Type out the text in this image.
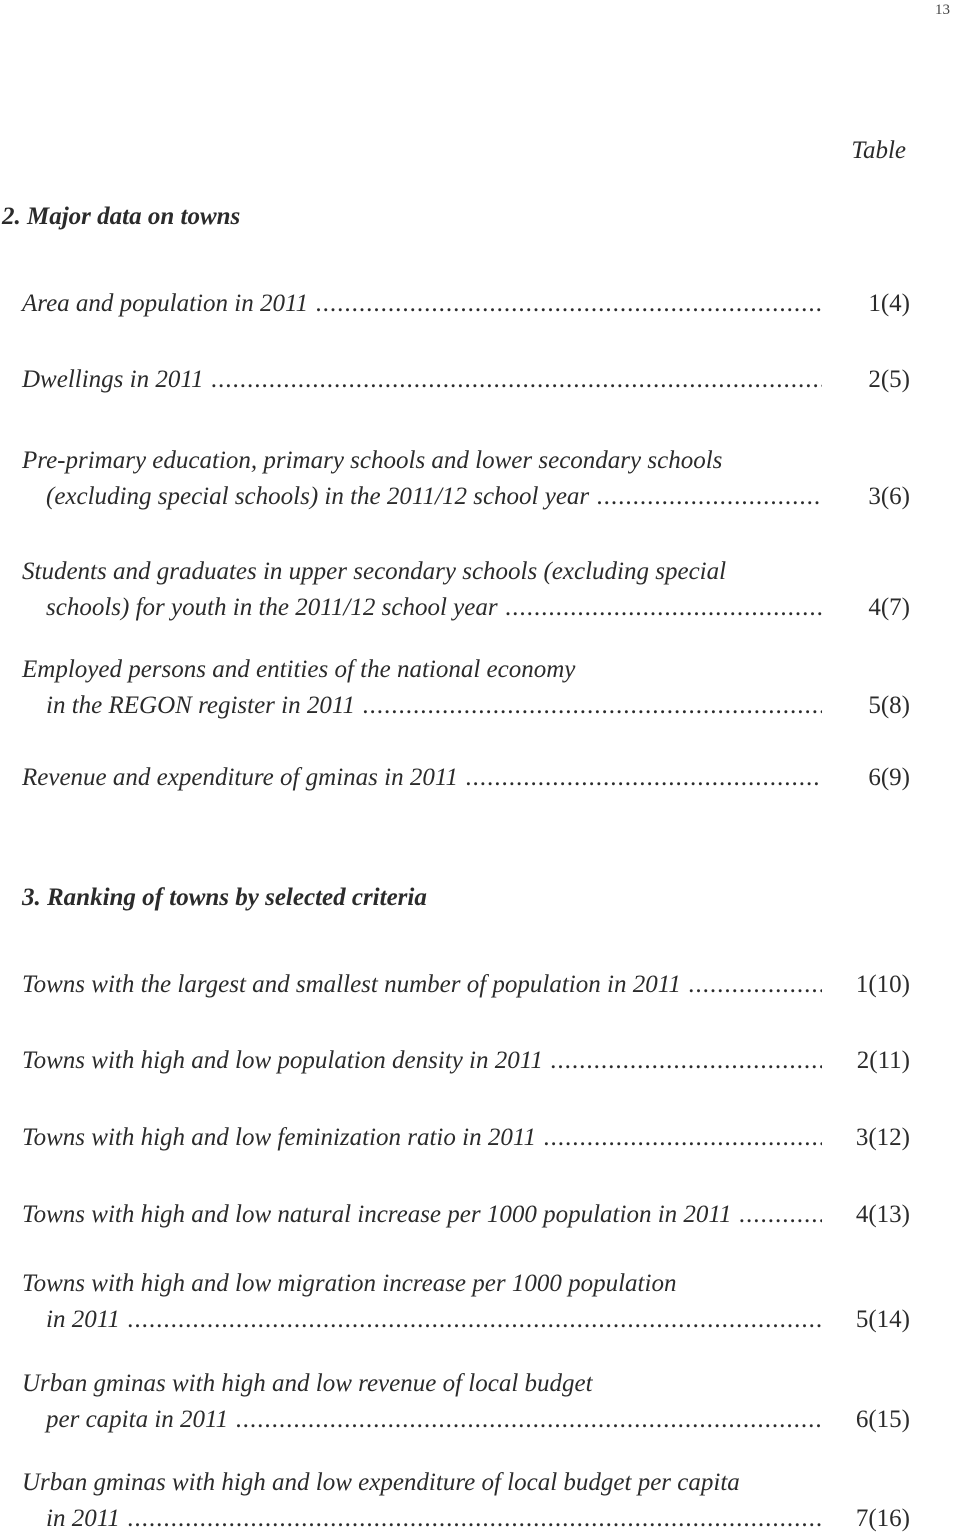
13
Table
2. Major data on towns
Area and population in 2011 .....	1(4)
Dwellings in 2011 .....	2(5)
Pre-primary education, primary schools and lower secondary schools
(excluding special schools) in the 2011/12 school year .....	3(6)
Students and graduates in upper secondary schools (excluding special
schools) for youth in the 2011/12 school year .....	4(7)
Employed persons and entities of the national economy
in the REGON register in 2011 .....	5(8)
Revenue and expenditure of gminas in 2011 .....	6(9)
3. Ranking of towns by selected criteria
Towns with the largest and smallest number of population in 2011 .....	1(10)
Towns with high and low population density in 2011 .....	2(11)
Towns with high and low feminization ratio in 2011 .....	3(12)
Towns with high and low natural increase per 1000 population in 2011 .....	4(13)
Towns with high and low migration increase per 1000 population
in 2011 .....	5(14)
Urban gminas with high and low revenue of local budget
per capita in 2011 .....	6(15)
Urban gminas with high and low expenditure of local budget per capita
in 2011 .....	7(16)
